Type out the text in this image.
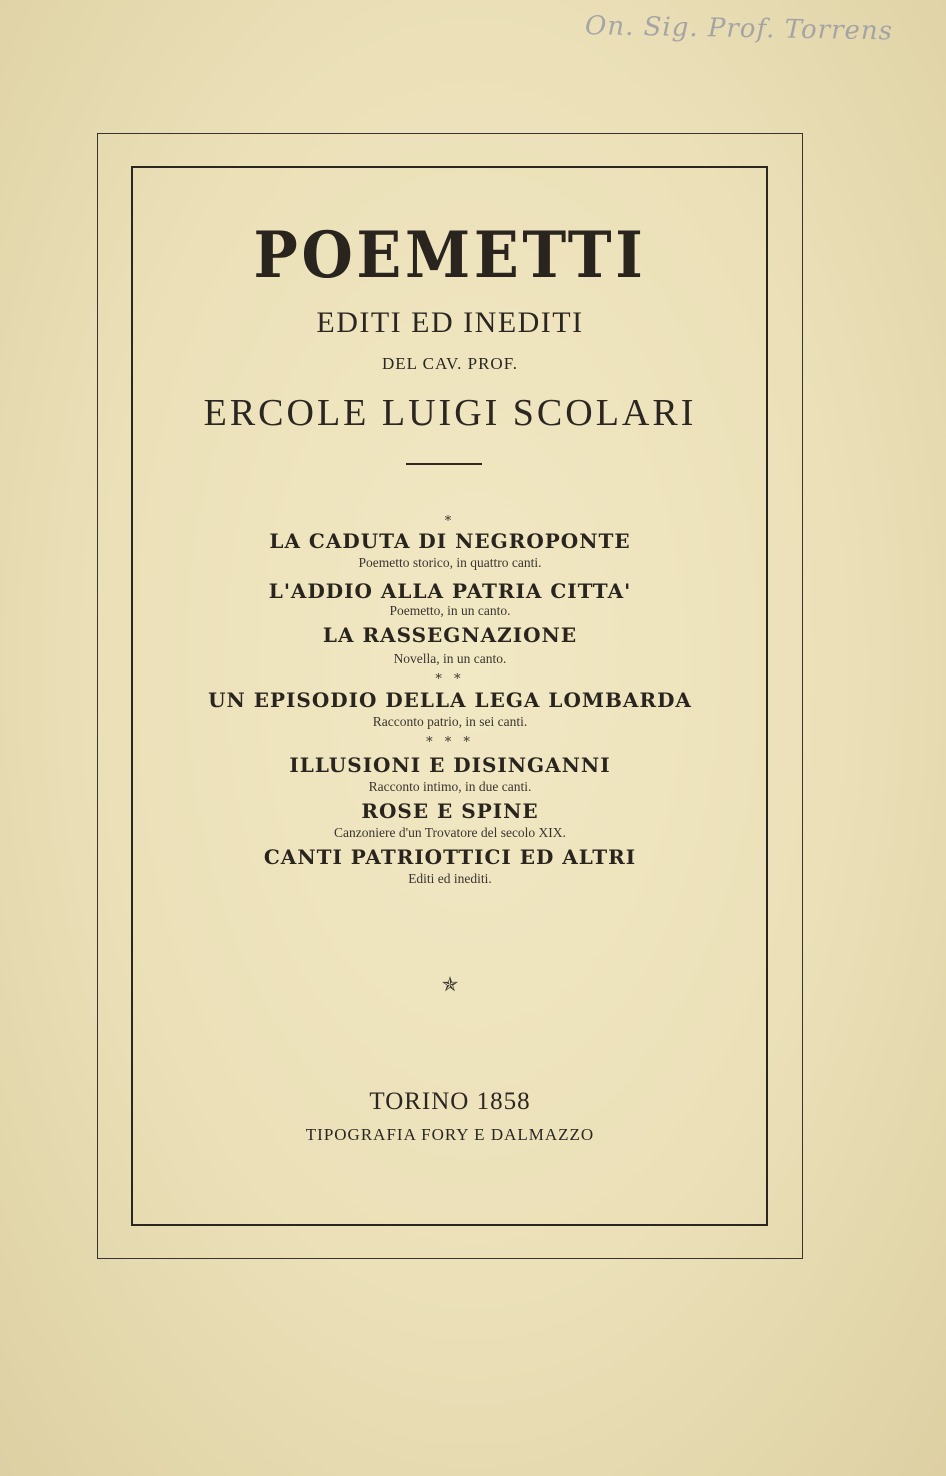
On. Sig. Prof. Torrens
POEMETTI
EDITI ED INEDITI
DEL CAV. PROF.
ERCOLE LUIGI SCOLARI
*
LA CADUTA DI NEGROPONTE
Poemetto storico, in quattro canti.
L'ADDIO ALLA PATRIA CITTA'
Poemetto, in un canto.
LA RASSEGNAZIONE
Novella, in un canto.
* *
UN EPISODIO DELLA LEGA LOMBARDA
Racconto patrio, in sei canti.
* * *
ILLUSIONI E DISINGANNI
Racconto intimo, in due canti.
ROSE E SPINE
Canzoniere d'un Trovatore del secolo XIX.
CANTI PATRIOTTICI ED ALTRI
Editi ed inediti.
✯
TORINO 1858
TIPOGRAFIA FORY E DALMAZZO
